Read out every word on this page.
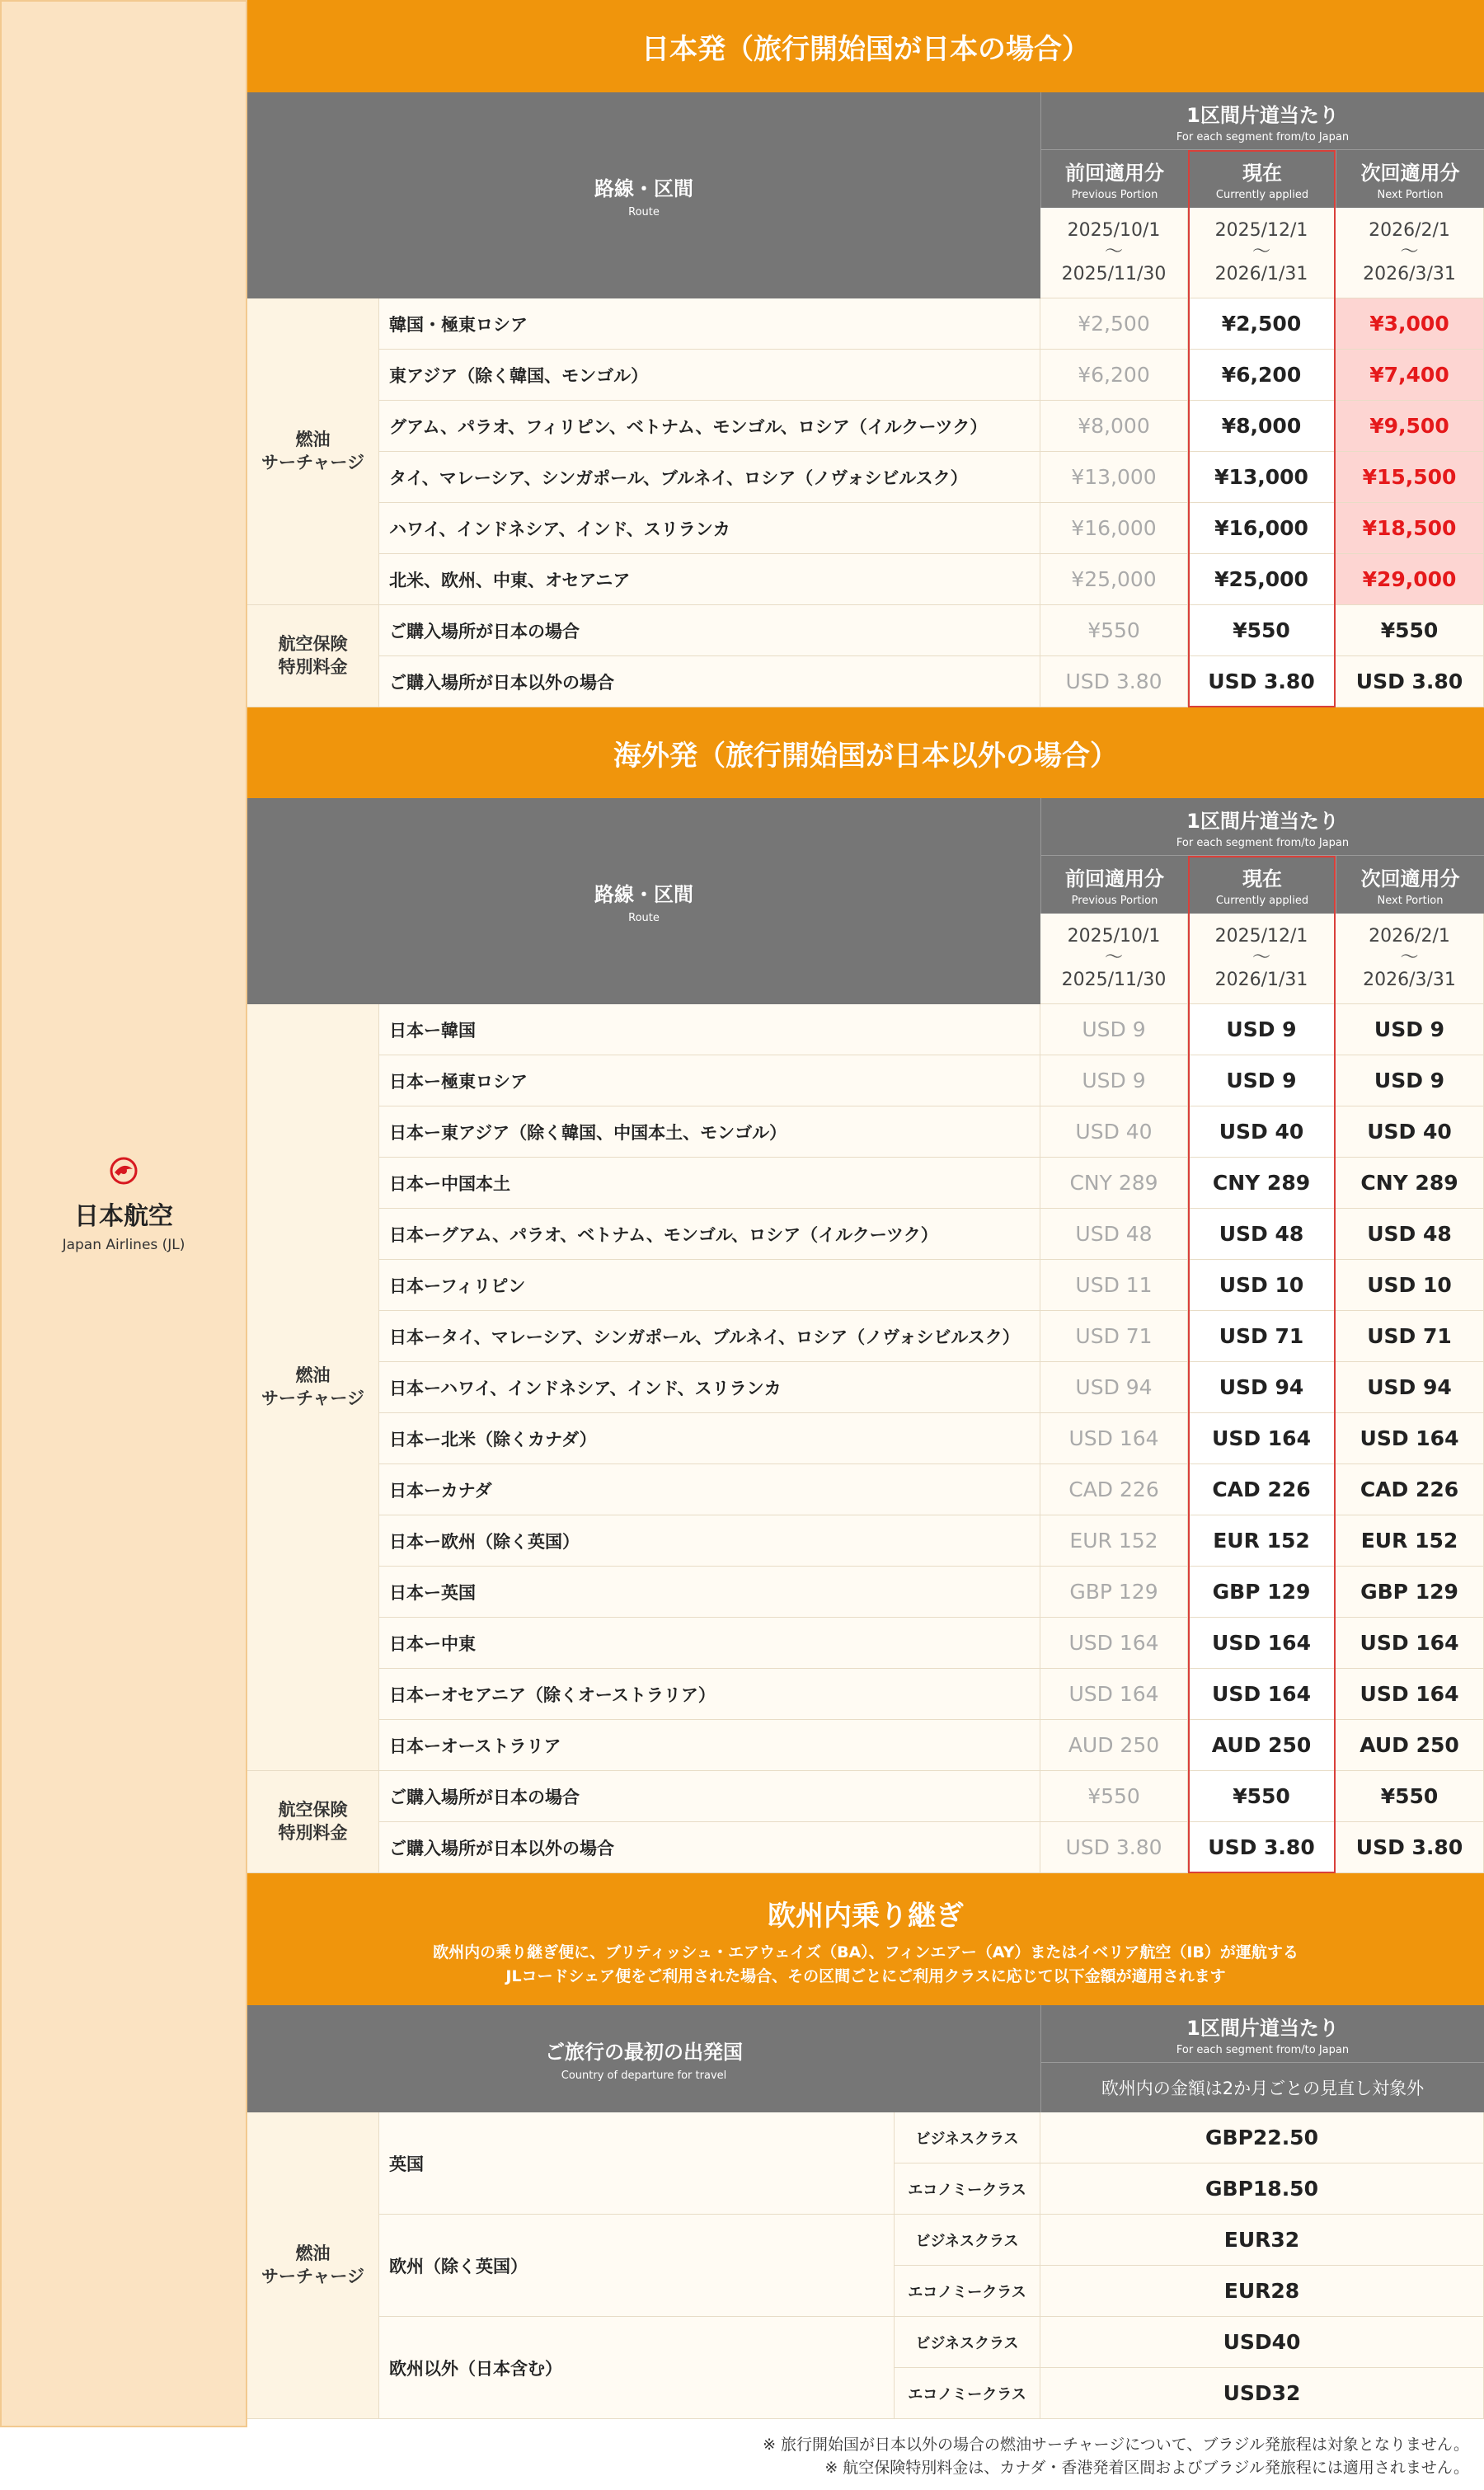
日本航空
Japan Airlines (JL)
日本発（旅行開始国が日本の場合）
路線・区間
Route
1区間片道当たり
For each segment from/to Japan
前回適用分
Previous Portion
2025/10/1
〜
2025/11/30
現在
Currently applied
2025/12/1
〜
2026/1/31
次回適用分
Next Portion
2026/2/1
〜
2026/3/31
燃油
サーチャージ
韓国・極東ロシア	¥2,500	¥2,500	¥3,000
東アジア（除く韓国、モンゴル）	¥6,200	¥6,200	¥7,400
グアム、パラオ、フィリピン、ベトナム、モンゴル、ロシア（イルクーツク）	¥8,000	¥8,000	¥9,500
タイ、マレーシア、シンガポール、ブルネイ、ロシア（ノヴォシビルスク）	¥13,000	¥13,000	¥15,500
ハワイ、インドネシア、インド、スリランカ	¥16,000	¥16,000	¥18,500
北米、欧州、中東、オセアニア	¥25,000	¥25,000	¥29,000
航空保険
特別料金
ご購入場所が日本の場合	¥550	¥550	¥550
ご購入場所が日本以外の場合	USD 3.80 USD 3.80 USD 3.80
海外発（旅行開始国が日本以外の場合）
路線・区間
Route
1区間片道当たり
For each segment from/to Japan
前回適用分
Previous Portion
2025/10/1
〜
2025/11/30
現在
Currently applied
2025/12/1
〜
2026/1/31
次回適用分
Next Portion
2026/2/1
〜
2026/3/31
燃油
サーチャージ
日本ー韓国	USD 9	USD 9	USD 9
日本ー極東ロシア	USD 9	USD 9	USD 9
日本ー東アジア（除く韓国、中国本土、モンゴル）	USD 40	USD 40	USD 40
日本ー中国本土	CNY 289	CNY 289 CNY 289
日本ーグアム、パラオ、ベトナム、モンゴル、ロシア（イルクーツク）	USD 48	USD 48	USD 48
日本ーフィリピン	USD 11	USD 10	USD 10
日本ータイ、マレーシア、シンガポール、ブルネイ、ロシア（ノヴォシビルスク）	USD 71	USD 71	USD 71
日本ーハワイ、インドネシア、インド、スリランカ	USD 94	USD 94	USD 94
日本ー北米（除くカナダ）	USD 164	USD 164 USD 164
日本ーカナダ	CAD 226	CAD 226 CAD 226
日本ー欧州（除く英国）	EUR 152	EUR 152 EUR 152
日本ー英国	GBP 129	GBP 129 GBP 129
日本ー中東	USD 164	USD 164 USD 164
日本ーオセアニア（除くオーストラリア）	USD 164	USD 164 USD 164
日本ーオーストラリア	AUD 250	AUD 250 AUD 250
航空保険
特別料金
ご購入場所が日本の場合	¥550	¥550	¥550
ご購入場所が日本以外の場合	USD 3.80 USD 3.80 USD 3.80
欧州内乗り継ぎ
欧州内の乗り継ぎ便に、ブリティッシュ・エアウェイズ（BA）、フィンエアー（AY）またはイベリア航空（IB）が運航する
JLコードシェア便をご利用された場合、その区間ごとにご利用クラスに応じて以下金額が適用されます
ご旅行の最初の出発国
Country of departure for travel
1区間片道当たり
For each segment from/to Japan
欧州内の金額は2か月ごとの見直し対象外
燃油
サーチャージ
英国
ビジネスクラス	GBP22.50
エコノミークラス	GBP18.50
欧州（除く英国）
ビジネスクラス	EUR32
エコノミークラス	EUR28
欧州以外（日本含む）
ビジネスクラス	USD40
エコノミークラス	USD32
※ 旅行開始国が日本以外の場合の燃油サーチャージについて、ブラジル発旅程は対象となりません。
※ 航空保険特別料金は、カナダ・香港発着区間およびブラジル発旅程には適用されません。
